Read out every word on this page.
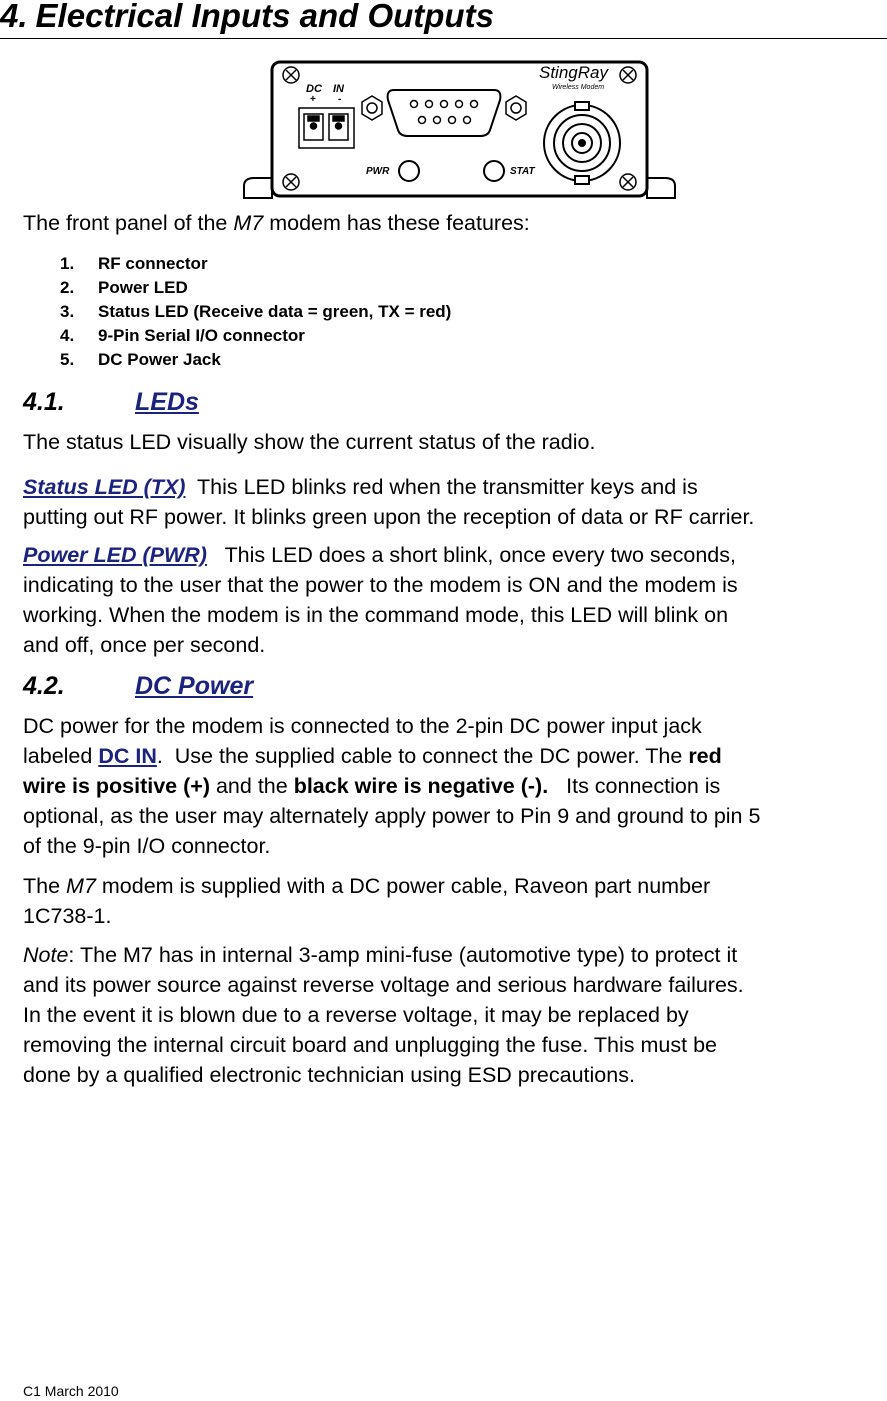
4. Electrical Inputs and Outputs
DC IN
+ -
StingRay
Wireless Modem
PWR	STAT
The front panel of the M7 modem has these features:
1.	RF connector
2.	Power LED
3.	Status LED (Receive data = green, TX = red)
4.	9-Pin Serial I/O connector
5.	DC Power Jack
4.1.	LEDs
The status LED visually show the current status of the radio.
Status LED (TX)  This LED blinks red when the transmitter keys and is
putting out RF power. It blinks green upon the reception of data or RF carrier.
Power LED (PWR)   This LED does a short blink, once every two seconds,
indicating to the user that the power to the modem is ON and the modem is
working. When the modem is in the command mode, this LED will blink on
and off, once per second.
4.2.	DC Power
DC power for the modem is connected to the 2-pin DC power input jack
labeled DC IN.  Use the supplied cable to connect the DC power. The red
wire is positive (+) and the black wire is negative (-).   Its connection is
optional, as the user may alternately apply power to Pin 9 and ground to pin 5
of the 9-pin I/O connector.
The M7 modem is supplied with a DC power cable, Raveon part number
1C738-1.
Note: The M7 has in internal 3-amp mini-fuse (automotive type) to protect it
and its power source against reverse voltage and serious hardware failures.
In the event it is blown due to a reverse voltage, it may be replaced by
removing the internal circuit board and unplugging the fuse. This must be
done by a qualified electronic technician using ESD precautions.
C1 March 2010
